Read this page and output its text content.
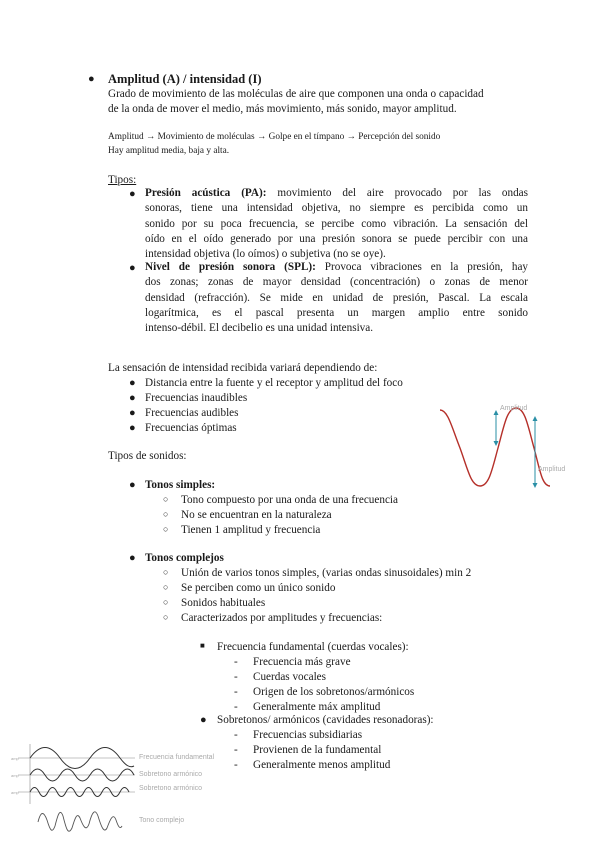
● Amplitud (A) / intensidad (I)
Grado de movimiento de las moléculas de aire que componen una onda o capacidad
de la onda de mover el medio, más movimiento, más sonido, mayor amplitud.
Amplitud → Movimiento de moléculas → Golpe en el tímpano → Percepción del sonido
Hay amplitud media, baja y alta.
Tipos:
● Presión acústica (PA): movimiento del aire provocado por las ondas
sonoras, tiene una intensidad objetiva, no siempre es percibida como un
sonido por su poca frecuencia, se percibe como vibración. La sensación del
oído en el oído generado por una presión sonora se puede percibir con una
intensidad objetiva (lo oímos) o subjetiva (no se oye).
● Nivel de presión sonora (SPL): Provoca vibraciones en la presión, hay
dos zonas; zonas de mayor densidad (concentración) o zonas de menor
densidad (refracción). Se mide en unidad de presión, Pascal. La escala
logarítmica, es el pascal presenta un margen amplio entre sonido
intenso-débil. El decibelio es una unidad intensiva.
La sensación de intensidad recibida variará dependiendo de:
● Distancia entre la fuente y el receptor y amplitud del foco
● Frecuencias inaudibles
● Frecuencias audibles
● Frecuencias óptimas
Amplitud
Amplitud
Tipos de sonidos:
● Tonos simples:
○ Tono compuesto por una onda de una frecuencia
○ No se encuentran en la naturaleza
○ Tienen 1 amplitud y frecuencia
● Tonos complejos
○ Unión de varios tonos simples, (varias ondas sinusoidales) min 2
○ Se perciben como un único sonido
○ Sonidos habituales
○ Caracterizados por amplitudes y frecuencias:
■ Frecuencia fundamental (cuerdas vocales):
- Frecuencia más grave
- Cuerdas vocales
- Origen de los sobretonos/armónicos
- Generalmente máx amplitud
● Sobretonos/ armónicos (cavidades resonadoras):
- Frecuencias subsidiarias
- Provienen de la fundamental
- Generalmente menos amplitud
amp
amp
amp
Frecuencia fundamental
Sobretono armónico
Sobretono armónico
Tono complejo
